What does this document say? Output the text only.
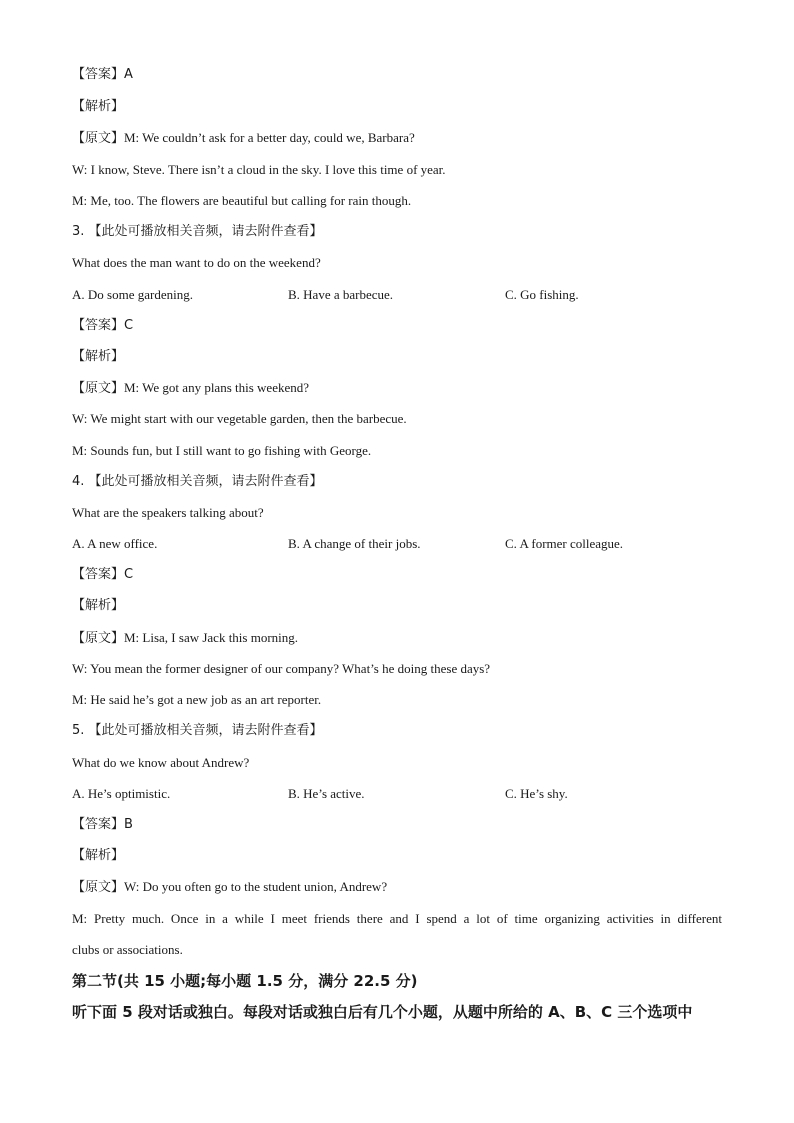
【答案】A
【解析】
【原文】M: We couldn’t ask for a better day, could we, Barbara?
W: I know, Steve. There isn’t a cloud in the sky. I love this time of year.
M: Me, too. The flowers are beautiful but calling for rain though.
3. 【此处可播放相关音频，请去附件查看】
What does the man want to do on the weekend?
A. Do some gardening.	B. Have a barbecue.	C. Go fishing.
【答案】C
【解析】
【原文】M: We got any plans this weekend?
W: We might start with our vegetable garden, then the barbecue.
M: Sounds fun, but I still want to go fishing with George.
4. 【此处可播放相关音频，请去附件查看】
What are the speakers talking about?
A. A new office.	B. A change of their jobs.	C. A former colleague.
【答案】C
【解析】
【原文】M: Lisa, I saw Jack this morning.
W: You mean the former designer of our company? What’s he doing these days?
M: He said he’s got a new job as an art reporter.
5. 【此处可播放相关音频，请去附件查看】
What do we know about Andrew?
A. He’s optimistic.	B. He’s active.	C. He’s shy.
【答案】B
【解析】
【原文】W: Do you often go to the student union, Andrew?
M: Pretty much. Once in a while I meet friends there and I spend a lot of time organizing activities in different
clubs or associations.
第二节(共 15 小题;每小题 1.5 分，满分 22.5 分)
听下面 5 段对话或独白。每段对话或独白后有几个小题，从题中所给的 A、B、C 三个选项中
